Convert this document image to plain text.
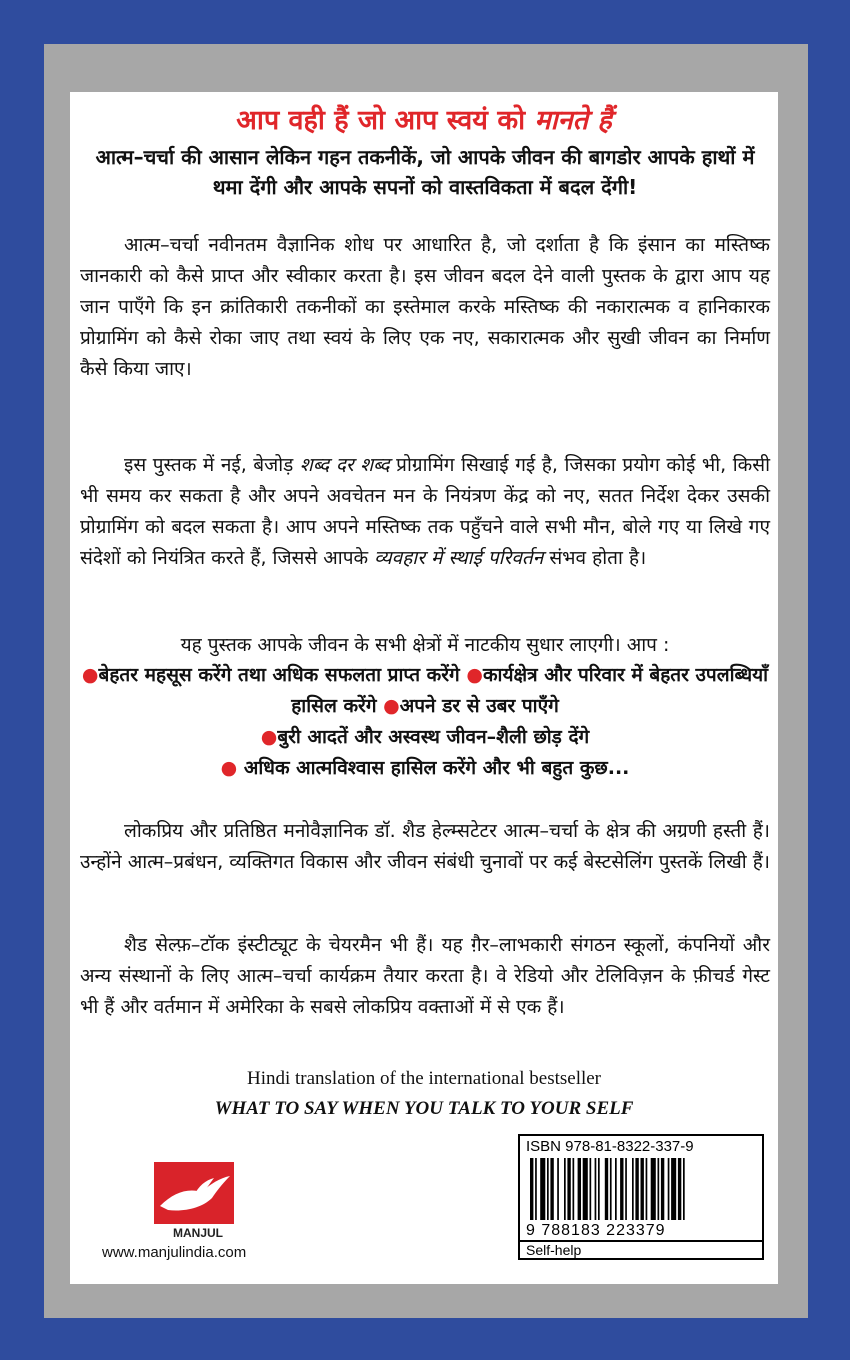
आप वही हैं जो आप स्वयं को मानते हैं
आत्म–चर्चा की आसान लेकिन गहन तकनीकें, जो आपके जीवन की बागडोर आपके हाथों में थमा देंगी और आपके सपनों को वास्तविकता में बदल देंगी!
आत्म–चर्चा नवीनतम वैज्ञानिक शोध पर आधारित है, जो दर्शाता है कि इंसान का मस्तिष्क जानकारी को कैसे प्राप्त और स्वीकार करता है। इस जीवन बदल देने वाली पुस्तक के द्वारा आप यह जान पाएँगे कि इन क्रांतिकारी तकनीकों का इस्तेमाल करके मस्तिष्क की नकारात्मक व हानिकारक प्रोग्रामिंग को कैसे रोका जाए तथा स्वयं के लिए एक नए, सकारात्मक और सुखी जीवन का निर्माण कैसे किया जाए।
इस पुस्तक में नई, बेजोड़ शब्द दर शब्द प्रोग्रामिंग सिखाई गई है, जिसका प्रयोग कोई भी, किसी भी समय कर सकता है और अपने अवचेतन मन के नियंत्रण केंद्र को नए, सतत निर्देश देकर उसकी प्रोग्रामिंग को बदल सकता है। आप अपने मस्तिष्क तक पहुँचने वाले सभी मौन, बोले गए या लिखे गए संदेशों को नियंत्रित करते हैं, जिससे आपके व्यवहार में स्थाई परिवर्तन संभव होता है।
यह पुस्तक आपके जीवन के सभी क्षेत्रों में नाटकीय सुधार लाएगी। आप :
●बेहतर महसूस करेंगे तथा अधिक सफलता प्राप्त करेंगे ●कार्यक्षेत्र और परिवार में बेहतर उपलब्धियाँ हासिल करेंगे ●अपने डर से उबर पाएँगे
●बुरी आदतें और अस्वस्थ जीवन–शैली छोड़ देंगे
● अधिक आत्मविश्वास हासिल करेंगे और भी बहुत कुछ...
लोकप्रिय और प्रतिष्ठित मनोवैज्ञानिक डॉ. शैड हेल्म्सटेटर आत्म–चर्चा के क्षेत्र की अग्रणी हस्ती हैं। उन्होंने आत्म–प्रबंधन, व्यक्तिगत विकास और जीवन संबंधी चुनावों पर कई बेस्टसेलिंग पुस्तकें लिखी हैं।
शैड सेल्फ़–टॉक इंस्टीट्यूट के चेयरमैन भी हैं। यह ग़ैर–लाभकारी संगठन स्कूलों, कंपनियों और अन्य संस्थानों के लिए आत्म–चर्चा कार्यक्रम तैयार करता है। वे रेडियो और टेलिविज़न के फ़ीचर्ड गेस्ट भी हैं और वर्तमान में अमेरिका के सबसे लोकप्रिय वक्ताओं में से एक हैं।
Hindi translation of the international bestseller
WHAT TO SAY WHEN YOU TALK TO YOUR SELF
MANJUL
www.manjulindia.com
ISBN 978-81-8322-337-9
9 788183 223379
Self-help
